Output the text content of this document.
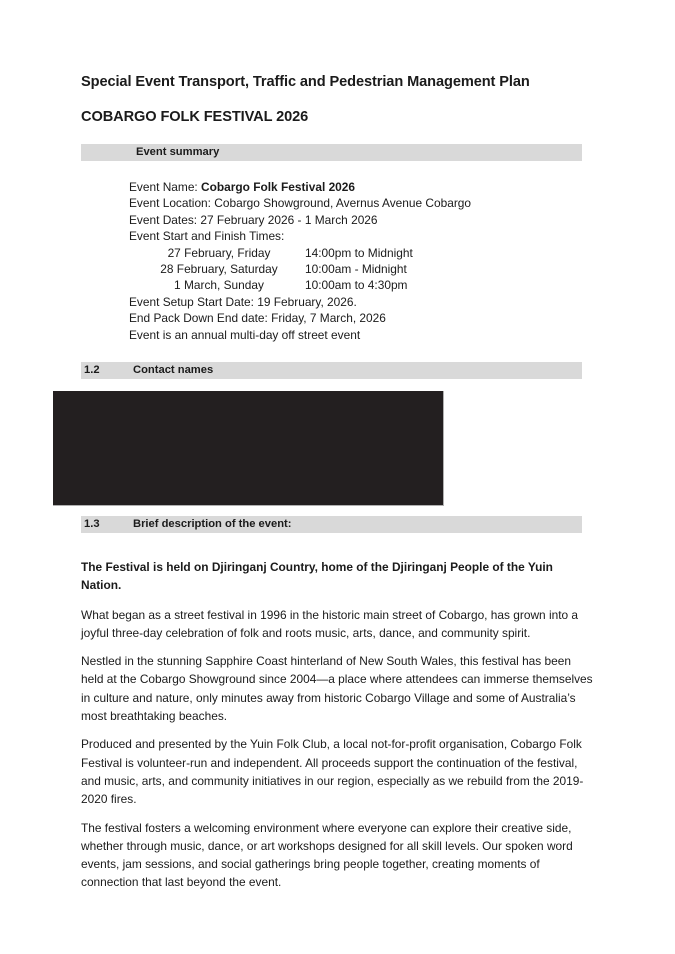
Special Event Transport, Traffic and Pedestrian Management Plan
COBARGO FOLK FESTIVAL 2026
Event summary
Event Name: Cobargo Folk Festival 2026
Event Location: Cobargo Showground, Avernus Avenue Cobargo
Event Dates: 27 February 2026 - 1 March 2026
Event Start and Finish Times:
27 February, Friday	14:00pm to Midnight
28 February, Saturday	10:00am - Midnight
1 March, Sunday	10:00am to 4:30pm
Event Setup Start Date: 19 February, 2026.
End Pack Down End date: Friday, 7 March, 2026
Event is an annual multi-day off street event
1.2	Contact names
1.3	Brief description of the event:

The Festival is held on Djiringanj Country, home of the Djiringanj People of the Yuin Nation.

What began as a street festival in 1996 in the historic main street of Cobargo, has grown into a joyful three-day celebration of folk and roots music, arts, dance, and community spirit.

Nestled in the stunning Sapphire Coast hinterland of New South Wales, this festival has been held at the Cobargo Showground since 2004—a place where attendees can immerse themselves in culture and nature, only minutes away from historic Cobargo Village and some of Australia’s most breathtaking beaches.

Produced and presented by the Yuin Folk Club, a local not-for-profit organisation, Cobargo Folk Festival is volunteer-run and independent. All proceeds support the continuation of the festival, and music, arts, and community initiatives in our region, especially as we rebuild from the 2019-2020 fires.

The festival fosters a welcoming environment where everyone can explore their creative side, whether through music, dance, or art workshops designed for all skill levels. Our spoken word events, jam sessions, and social gatherings bring people together, creating moments of connection that last beyond the event.
